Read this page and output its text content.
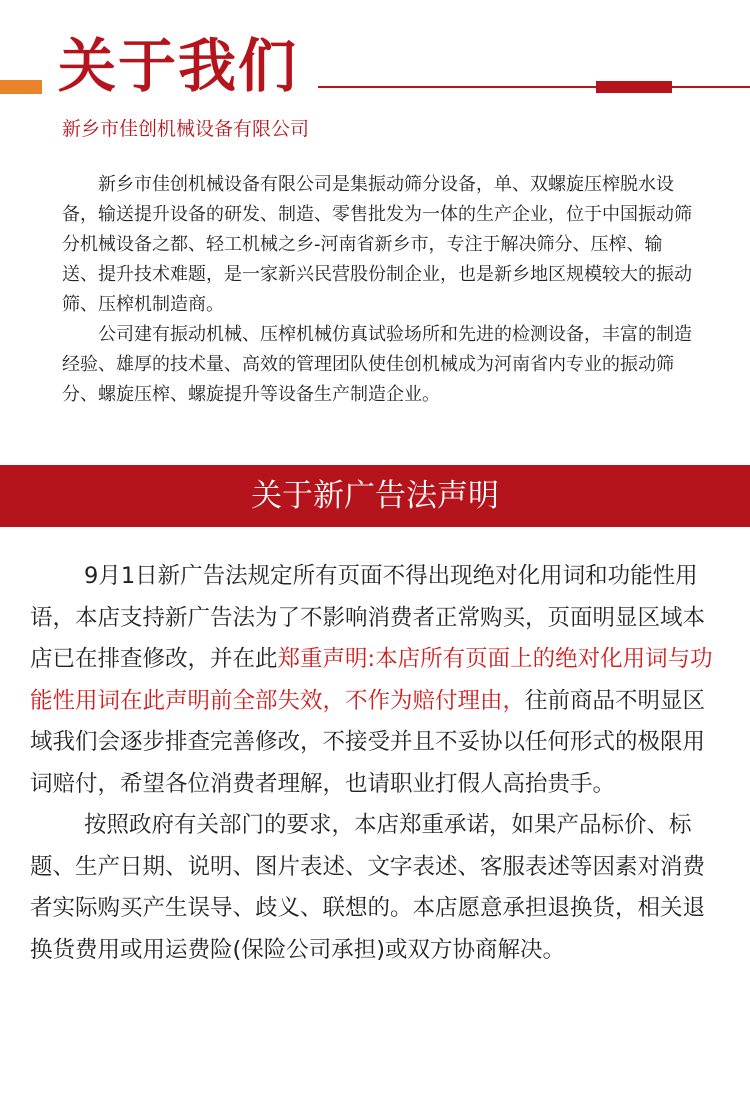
关于我们
新乡市佳创机械设备有限公司

新乡市佳创机械设备有限公司是集振动筛分设备，单、双螺旋压榨脱水设备，输送提升设备的研发、制造、零售批发为一体的生产企业，位于中国振动筛分机械设备之都、轻工机械之乡-河南省新乡市，专注于解决筛分、压榨、输送、提升技术难题，是一家新兴民营股份制企业，也是新乡地区规模较大的振动筛、压榨机制造商。

公司建有振动机械、压榨机械仿真试验场所和先进的检测设备，丰富的制造经验、雄厚的技术量、高效的管理团队使佳创机械成为河南省内专业的振动筛分、螺旋压榨、螺旋提升等设备生产制造企业。

关于新广告法声明

9月1日新广告法规定所有页面不得出现绝对化用词和功能性用语，本店支持新广告法为了不影响消费者正常购买，页面明显区域本店已在排查修改，并在此郑重声明:本店所有页面上的绝对化用词与功能性用词在此声明前全部失效，不作为赔付理由，往前商品不明显区域我们会逐步排查完善修改，不接受并且不妥协以任何形式的极限用词赔付，希望各位消费者理解，也请职业打假人高抬贵手。

按照政府有关部门的要求，本店郑重承诺，如果产品标价、标题、生产日期、说明、图片表述、文字表述、客服表述等因素对消费者实际购买产生误导、歧义、联想的。本店愿意承担退换货，相关退换货费用或用运费险(保险公司承担)或双方协商解决。
